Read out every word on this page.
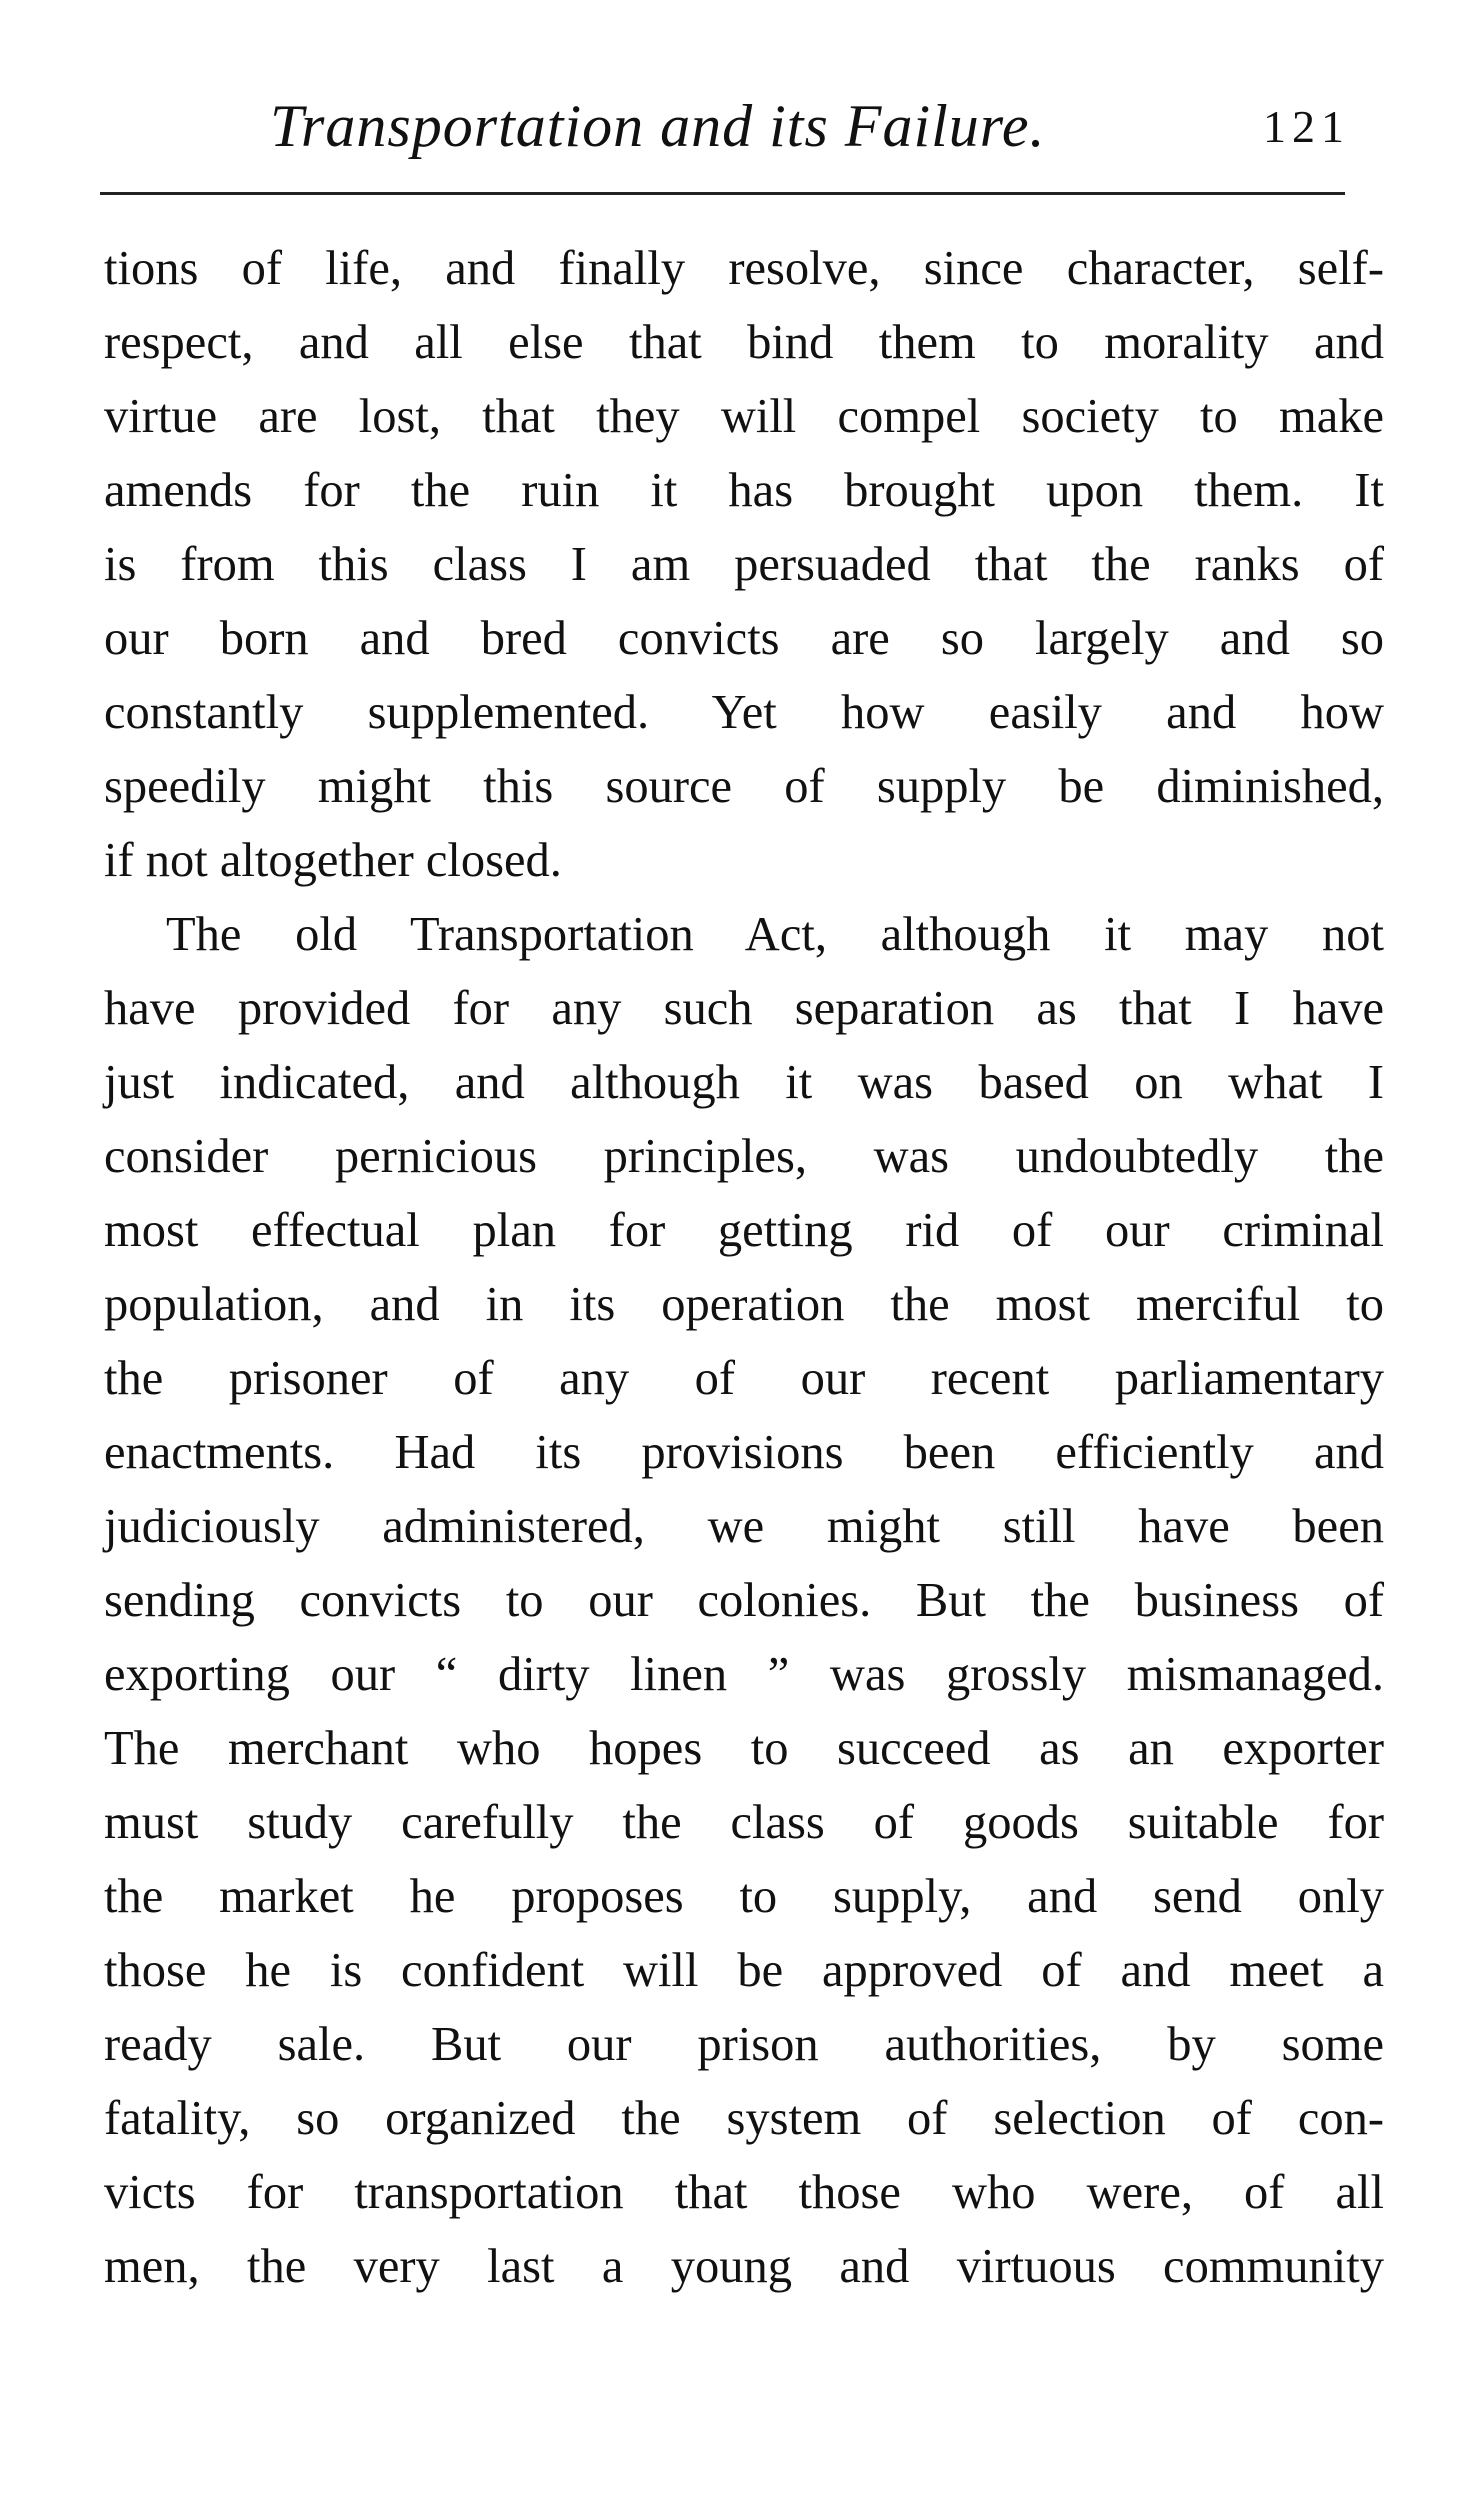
Transportation and its Failure.	121
tions of life, and finally resolve, since character, self-
respect, and all else that bind them to morality and
virtue are lost, that they will compel society to make
amends for the ruin it has brought upon them. It
is from this class I am persuaded that the ranks of
our born and bred convicts are so largely and so
constantly supplemented. Yet how easily and how
speedily might this source of supply be diminished,
if not altogether closed.
The old Transportation Act, although it may not
have provided for any such separation as that I have
just indicated, and although it was based on what I
consider pernicious principles, was undoubtedly the
most effectual plan for getting rid of our criminal
population, and in its operation the most merciful to
the prisoner of any of our recent parliamentary
enactments. Had its provisions been efficiently and
judiciously administered, we might still have been
sending convicts to our colonies. But the business of
exporting our “ dirty linen ” was grossly mismanaged.
The merchant who hopes to succeed as an exporter
must study carefully the class of goods suitable for
the market he proposes to supply, and send only
those he is confident will be approved of and meet a
ready sale. But our prison authorities, by some
fatality, so organized the system of selection of con-
victs for transportation that those who were, of all
men, the very last a young and virtuous community
